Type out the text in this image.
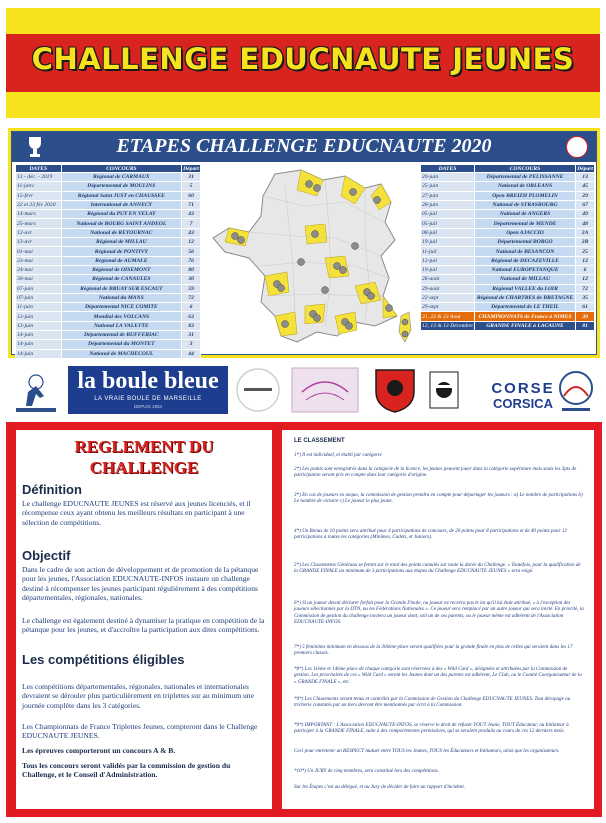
CHALLENGE EDUCNAUTE JEUNES
ETAPES CHALLENGE EDUCNAUTE 2020
DATES	CONCOURS	Départ
13 - déc. - 2019	Régional de CARMAUX	31
11-janv	Départemental de MOULINS	5
15-févr	Régional Saint JUST en CHAUSSEE	60
22 et 23 fév 2020	International de ANNECY	71
14-mars	Régional du PUY EN VELAY	43
25-mars	National de BOURG SAINT ANDEOL	7
12-avr	National de RETOURNAC	43
13-avr	Régional de MILLAU	12
01-mai	Régional de PONTIVY	56
23-mai	Régional de AUMALE	76
24-mai	Régional de OISEMONT	80
30-mai	Régional de CANAULES	30
07-juin	Régional de BRUAY SUR ESCAUT	59
07-juin	National du MANS	72
11-juin	Départemental NICE COMITE	6
13-juin	Mondial des VOLCANS	63
13-juin	National LA VALETTE	83
14-juin	Départemental de BUFFERIAC	31
14-juin	Départemental du MONTET	3
14-juin	National de MACHECOUL	44
DATES	CONCOURS	Départ
20-juin	Départemental de PELISSANNE	13
25-juin	National de ORLEANS	45
27-juin	Open BREIZH PLOMELIN	29
28-juin	National de STRASBOURG	67
05-juil	National de ANGERS	49
05-juil	Départemental de MENDE	48
08-juil	Open AJACCIO	2A
19-juil	Départemental BORGO	2B
11-juil	National de BESANCON	25
12-juil	Régional de DECAZEVILLE	12
19-juil	National EUROPETANQUE	6
26-août	National de MILLAU	12
29-août	Régional VALLEE du LOIR	72
22-sept	Régional de CHARTRES de BRETAGNE	35
29-sept	Départemental de LE THEIL	61
21, 22 & 23 Aout	CHAMPIONNATS de France à NIMES	30
12, 13 & 13 Décembre	GRANDE FINALE à LACAUNE	81
la boule bleue
LA VRAIE BOULE DE MARSEILLE
DEPUIS 1904
CORSE
CORSICA
REGLEMENT DU CHALLENGE
Définition
Le challenge EDUCNAUTE JEUNES est réservé aux jeunes licenciés, et il récompense ceux ayant obtenu les meilleurs résultats en participant à une sélection de compétitions.
Objectif
Dans le cadre de son action de développement et de promotion de la pétanque pour les jeunes, l'Association EDUCNAUTE-INFOS instaure un challenge destiné à récompenser les jeunes participant régulièrement à des compétitions départementales, régionales, nationales.
Le challenge est également destiné à dynamiser la pratique en compétition de la pétanque pour les jeunes, et d'accroître la participation aux dites compétitions.
Les compétitions éligibles
Les compétitions départementales, régionales, nationales et internationales devraient se dérouler plus particulièrement en triplettes sur au minimum une journée complète dans les 3 catégories.
Les Championnats de France Triplettes Jeunes, compteront dans le Challenge EDUCNAUTE JEUNES.
Les épreuves comporteront un concours A & B.
Tous les concours seront validés par la commission de gestion du Challenge, et le Conseil d'Administration.
LE CLASSEMENT
1*) Il est individuel, et établi par catégorie
2*) Les points sont enregistrés dans la catégorie de la licence, les jeunes peuvent jouer dans la catégorie supérieure mais seuls les 3pts de participation seront pris en compte dans leur catégorie d'origine.
3*) En cas de joueurs ex aequo, la commission de gestion prendra en compte pour départager les joueurs : a) Le nombre de participations b) Le nombre de victoire c) Le joueur le plus jeune.
4*) Un Bonus de 10 points sera attribué pour 4 participations de concours, de 20 points pour 8 participations et de 40 points pour 12 participations à toutes les catégories (Minimes, Cadets, et Juniors).
5*) Les Classements Généraux se feront sur le total des points cumulés sur toute la durée du Challenge. » Toutefois, pour la qualification de la GRANDE FINALE un minimum de 3 participations aux étapes du Challenge EDUCNAUTE JEUNES » sera exigé.
6*) Si un joueur devait déclarer forfait pour la Grande Finale, ou joueur ne recevra pas le lot qu'il lui était attribué, « à l'exception des joueurs sélectionnés par la DTN, ou les Fédérations Nationales ». Ce joueur sera remplacé par un autre joueur qui sera invité. En priorité, la Commission de gestion du challenge invitera un joueur dont, soit un de ses parents, ou le joueur même est adhérent de l'Association EDUCNAUTE-INFOS.
7*) 5 féminines minimum en dessous de la 30ième place seront qualifiées pour la grande finale en plus de celles qui seraient dans les 17 premiers classés.
*8*) Les 11ème et 14ème place de chaque catégorie sont réservées à des « Wild Card », désignées et attribuées par la Commission de gestion. Les prioritaires de ces « Wild Card » seront les Jeunes dont un des parents est adhérent, Le Club, ou le Comité Coorganisateur de la « GRANDE FINALE », etc.
*9*) Les Classements seront tenus et contrôlés par la Commission de Gestion du Challenge EDUCNAUTE JEUNES. Tout dérapage ou tricherie constatés par un tiers devront être mentionnés par écrit à la Commission.
*9*) IMPORTANT : L'Association EDUCNAUTE-INFOS, se réserve le droit de refuser TOUT Jeune, TOUT Éducateur, ou Initiateur à participer à la GRANDE FINALE, suite à des comportements permissives, qui se seraient produits au cours de ces 12 derniers mois.
Ceci pour entretenir un RESPECT mutuel entre TOUS les Jeunes, TOUS les Éducateurs et Initiateurs, ainsi que les organisateurs.
*10*) Un JURY de cinq membres, sera constitué lors des compétitions.
Sur les Étapes c'est au délégué, et au Jury de décider de faire un rapport d'incident.
